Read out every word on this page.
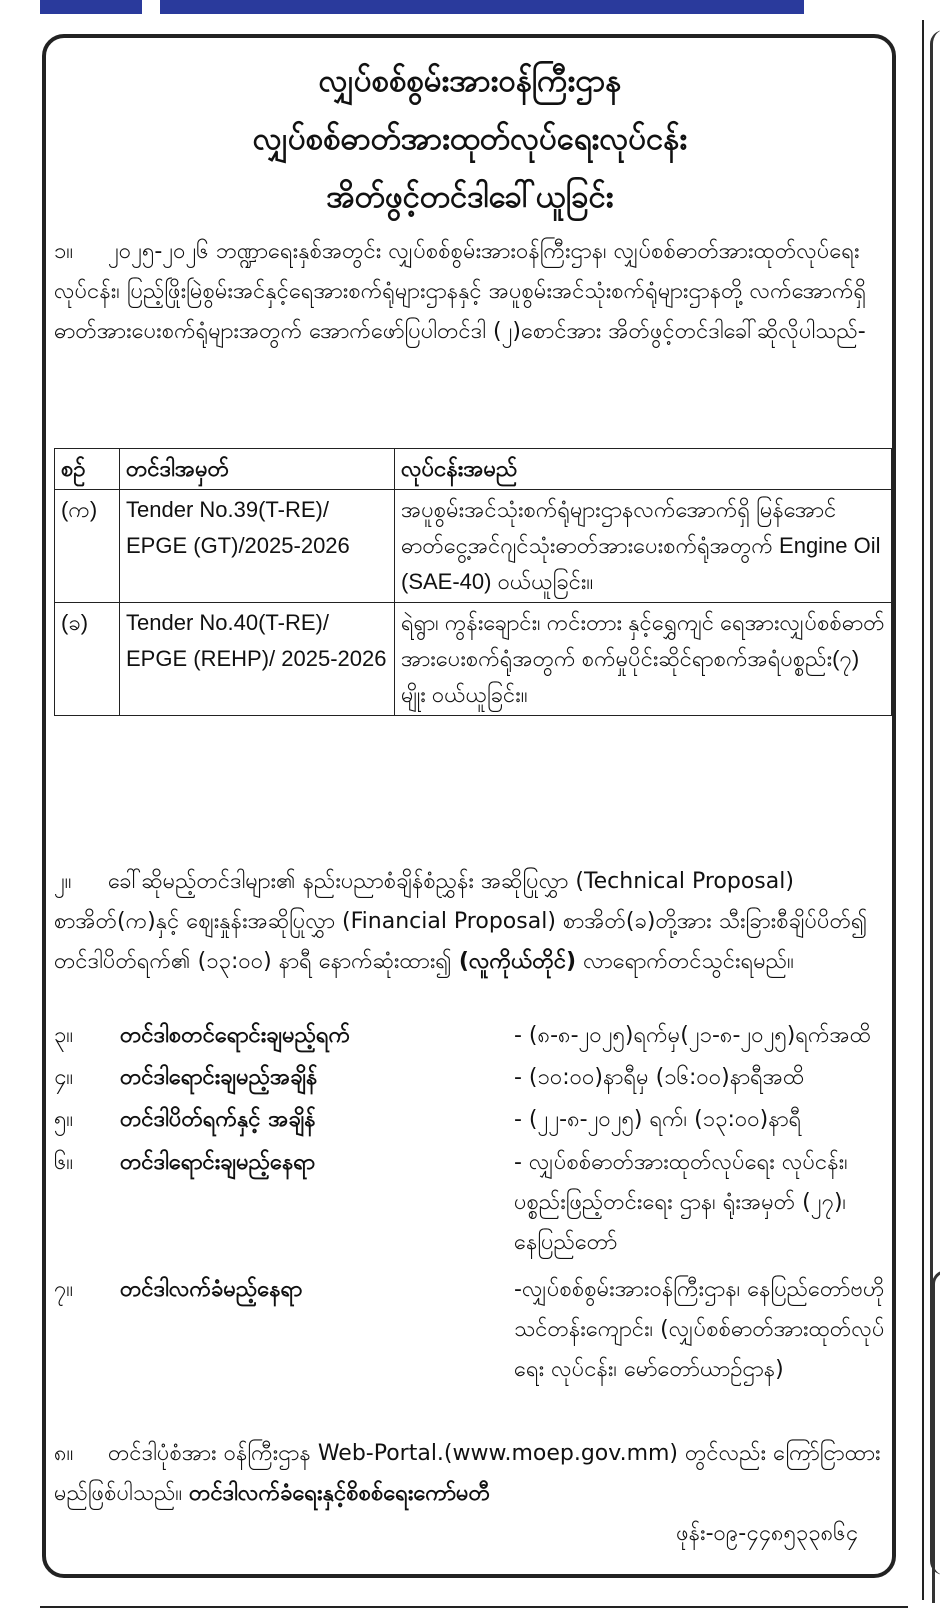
လျှပ်စစ်စွမ်းအားဝန်ကြီးဌာန
လျှပ်စစ်ဓာတ်အားထုတ်လုပ်ရေးလုပ်ငန်း
အိတ်ဖွင့်တင်ဒါခေါ်ယူခြင်း
၁။ ၂၀၂၅-၂၀၂၆ ဘဏ္ဍာရေးနှစ်အတွင်း လျှပ်စစ်စွမ်းအားဝန်ကြီးဌာန၊ လျှပ်စစ်ဓာတ်အားထုတ်လုပ်ရေးလုပ်ငန်း၊ ပြည့်ဖြိုးမြဲစွမ်းအင်နှင့်ရေအားစက်ရုံများဌာနနှင့် အပူစွမ်းအင်သုံးစက်ရုံများဌာနတို့ လက်အောက်ရှိ ဓာတ်အားပေးစက်ရုံများအတွက် အောက်ဖော်ပြပါတင်ဒါ (၂)စောင်အား အိတ်ဖွင့်တင်ဒါခေါ်ဆိုလိုပါသည်-
စဉ်	တင်ဒါအမှတ်	လုပ်ငန်းအမည်
(က)	Tender No.39(T-RE)/ EPGE (GT)/2025-2026	အပူစွမ်းအင်သုံးစက်ရုံများဌာနလက်အောက်ရှိ မြန်အောင်ဓာတ်ငွေ့အင်ဂျင်သုံးဓာတ်အားပေးစက်ရုံအတွက် Engine Oil (SAE-40) ဝယ်ယူခြင်း။
(ခ)	Tender No.40(T-RE)/ EPGE (REHP)/ 2025-2026	ရဲရွာ၊ ကွန်းချောင်း၊ ကင်းတား နှင့်ရွှေကျင် ရေအားလျှပ်စစ်ဓာတ်အားပေးစက်ရုံအတွက် စက်မှုပိုင်းဆိုင်ရာစက်အရံပစ္စည်း(၇) မျိုး ဝယ်ယူခြင်း။
၂။ ခေါ်ဆိုမည့်တင်ဒါများ၏ နည်းပညာစံချိန်စံညွှန်း အဆိုပြုလွှာ (Technical Proposal) စာအိတ်(က)နှင့် ဈေးနှုန်းအဆိုပြုလွှာ (Financial Proposal) စာအိတ်(ခ)တို့အား သီးခြားစီချိပ်ပိတ်၍ တင်ဒါပိတ်ရက်၏ (၁၃:၀၀) နာရီ နောက်ဆုံးထား၍ (လူကိုယ်တိုင်) လာရောက်တင်သွင်းရမည်။
၃။	တင်ဒါစတင်ရောင်းချမည့်ရက်	- (၈-၈-၂၀၂၅)ရက်မှ(၂၁-၈-၂၀၂၅)ရက်အထိ
၄။	တင်ဒါရောင်းချမည့်အချိန်	- (၁၀:၀၀)နာရီမှ (၁၆:၀၀)နာရီအထိ
၅။	တင်ဒါပိတ်ရက်နှင့် အချိန်	- (၂၂-၈-၂၀၂၅) ရက်၊ (၁၃:၀၀)နာရီ
၆။	တင်ဒါရောင်းချမည့်နေရာ	- လျှပ်စစ်ဓာတ်အားထုတ်လုပ်ရေး လုပ်ငန်း၊ ပစ္စည်းဖြည့်တင်းရေး ဌာန၊ ရုံးအမှတ် (၂၇)၊ နေပြည်တော်
၇။	တင်ဒါလက်ခံမည့်နေရာ	-လျှပ်စစ်စွမ်းအားဝန်ကြီးဌာန၊ နေပြည်တော်ဗဟိုသင်တန်းကျောင်း၊ (လျှပ်စစ်ဓာတ်အားထုတ်လုပ်ရေး လုပ်ငန်း၊ မော်တော်ယာဉ်ဌာန)
၈။ တင်ဒါပုံစံအား ဝန်ကြီးဌာန Web-Portal.(www.moep.gov.mm) တွင်လည်း ကြော်ငြာထားမည်ဖြစ်ပါသည်။ တင်ဒါလက်ခံရေးနှင့်စိစစ်ရေးကော်မတီ

ဖုန်း-၀၉-၄၄၈၅၃၃၈၆၄
